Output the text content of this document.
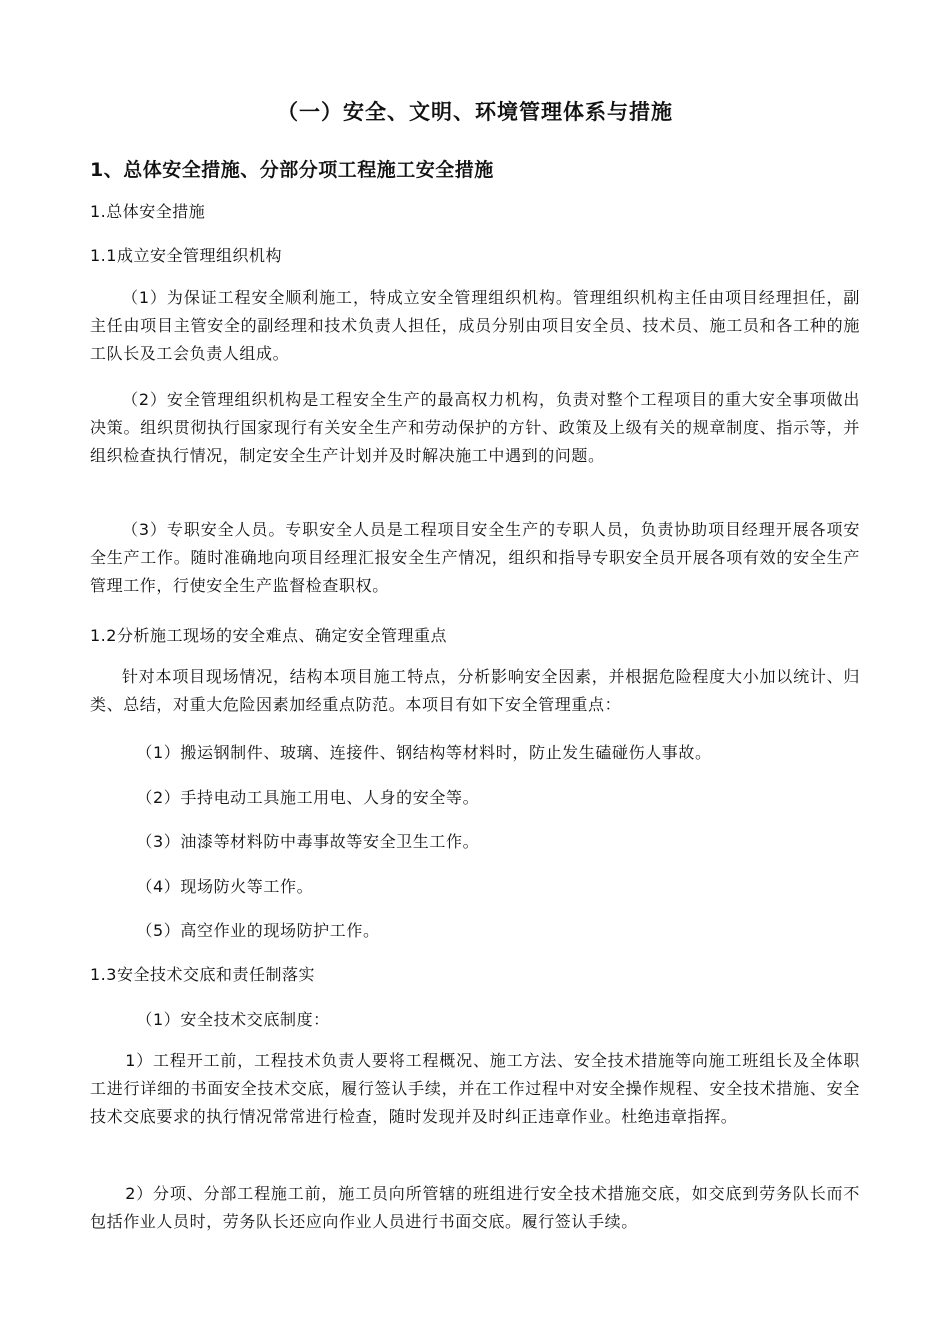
（一）安全、文明、环境管理体系与措施
1、总体安全措施、分部分项工程施工安全措施
1.总体安全措施
1.1成立安全管理组织机构
（1）为保证工程安全顺利施工，特成立安全管理组织机构。管理组织机构主任由项目经理担任，副主任由项目主管安全的副经理和技术负责人担任，成员分别由项目安全员、技术员、施工员和各工种的施工队长及工会负责人组成。
（2）安全管理组织机构是工程安全生产的最高权力机构，负责对整个工程项目的重大安全事项做出决策。组织贯彻执行国家现行有关安全生产和劳动保护的方针、政策及上级有关的规章制度、指示等，并组织检查执行情况，制定安全生产计划并及时解决施工中遇到的问题。
（3）专职安全人员。专职安全人员是工程项目安全生产的专职人员，负责协助项目经理开展各项安全生产工作。随时准确地向项目经理汇报安全生产情况，组织和指导专职安全员开展各项有效的安全生产管理工作，行使安全生产监督检查职权。
1.2分析施工现场的安全难点、确定安全管理重点
针对本项目现场情况，结构本项目施工特点，分析影响安全因素，并根据危险程度大小加以统计、归类、总结，对重大危险因素加经重点防范。本项目有如下安全管理重点：
（1）搬运钢制件、玻璃、连接件、钢结构等材料时，防止发生磕碰伤人事故。
（2）手持电动工具施工用电、人身的安全等。
（3）油漆等材料防中毒事故等安全卫生工作。
（4）现场防火等工作。
（5）高空作业的现场防护工作。
1.3安全技术交底和责任制落实
（1）安全技术交底制度：
1）工程开工前，工程技术负责人要将工程概况、施工方法、安全技术措施等向施工班组长及全体职工进行详细的书面安全技术交底，履行签认手续，并在工作过程中对安全操作规程、安全技术措施、安全技术交底要求的执行情况常常进行检查，随时发现并及时纠正违章作业。杜绝违章指挥。
2）分项、分部工程施工前，施工员向所管辖的班组进行安全技术措施交底，如交底到劳务队长而不包括作业人员时，劳务队长还应向作业人员进行书面交底。履行签认手续。
